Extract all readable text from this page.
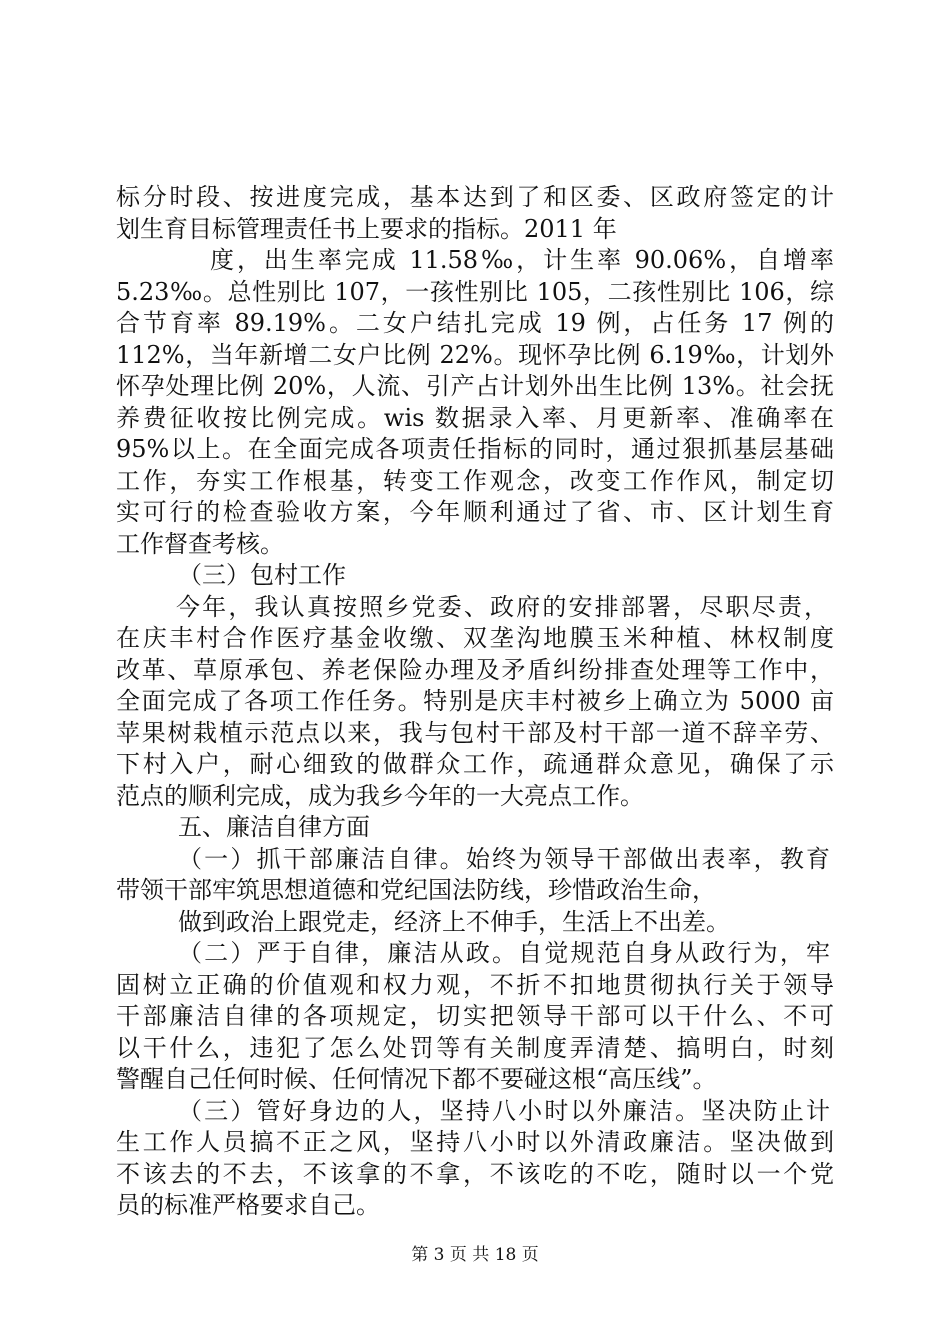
标分时段、按进度完成，基本达到了和区委、区政府签定的计
划生育目标管理责任书上要求的指标。2011 年
度，出生率完成 11.58‰，计生率 90.06%，自增率
5.23‰。总性别比 107，一孩性别比 105，二孩性别比 106，综
合节育率 89.19%。二女户结扎完成 19 例，占任务 17 例的
112%，当年新增二女户比例 22%。现怀孕比例 6.19‰，计划外
怀孕处理比例 20%，人流、引产占计划外出生比例 13%。社会抚
养费征收按比例完成。wis 数据录入率、月更新率、准确率在
95%以上。在全面完成各项责任指标的同时，通过狠抓基层基础
工作，夯实工作根基，转变工作观念，改变工作作风，制定切
实可行的检查验收方案，今年顺利通过了省、市、区计划生育
工作督查考核。
（三）包村工作
今年，我认真按照乡党委、政府的安排部署，尽职尽责，
在庆丰村合作医疗基金收缴、双垄沟地膜玉米种植、林权制度
改革、草原承包、养老保险办理及矛盾纠纷排查处理等工作中，
全面完成了各项工作任务。特别是庆丰村被乡上确立为 5000 亩
苹果树栽植示范点以来，我与包村干部及村干部一道不辞辛劳、
下村入户，耐心细致的做群众工作，疏通群众意见，确保了示
范点的顺利完成，成为我乡今年的一大亮点工作。
五、廉洁自律方面
（一）抓干部廉洁自律。始终为领导干部做出表率，教育
带领干部牢筑思想道德和党纪国法防线，珍惜政治生命，
做到政治上跟党走，经济上不伸手，生活上不出差。
（二）严于自律，廉洁从政。自觉规范自身从政行为，牢
固树立正确的价值观和权力观，不折不扣地贯彻执行关于领导
干部廉洁自律的各项规定，切实把领导干部可以干什么、不可
以干什么，违犯了怎么处罚等有关制度弄清楚、搞明白，时刻
警醒自己任何时候、任何情况下都不要碰这根“高压线”。
（三）管好身边的人，坚持八小时以外廉洁。坚决防止计
生工作人员搞不正之风，坚持八小时以外清政廉洁。坚决做到
不该去的不去，不该拿的不拿，不该吃的不吃，随时以一个党
员的标准严格要求自己。
第 3 页 共 18 页
